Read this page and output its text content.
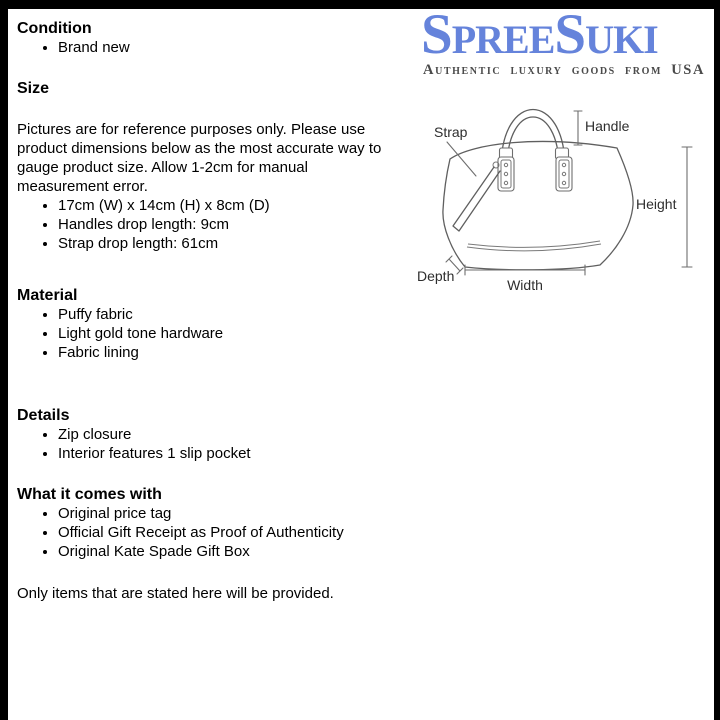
Condition
• Brand new
Size
Pictures are for reference purposes only. Please use
product dimensions below as the most accurate way to
gauge product size. Allow 1-2cm for manual
measurement error.
• 17cm (W) x 14cm (H) x 8cm (D)
• Handles drop length: 9cm
• Strap drop length: 61cm
Material
• Puffy fabric
• Light gold tone hardware
• Fabric lining
Details
• Zip closure
• Interior features 1 slip pocket
What it comes with
• Original price tag
• Official Gift Receipt as Proof of Authenticity
• Original Kate Spade Gift Box

Only items that are stated here will be provided.

SpreeSuki
Authentic luxury goods from USA
Strap	Handle
Height
Width
Depth
